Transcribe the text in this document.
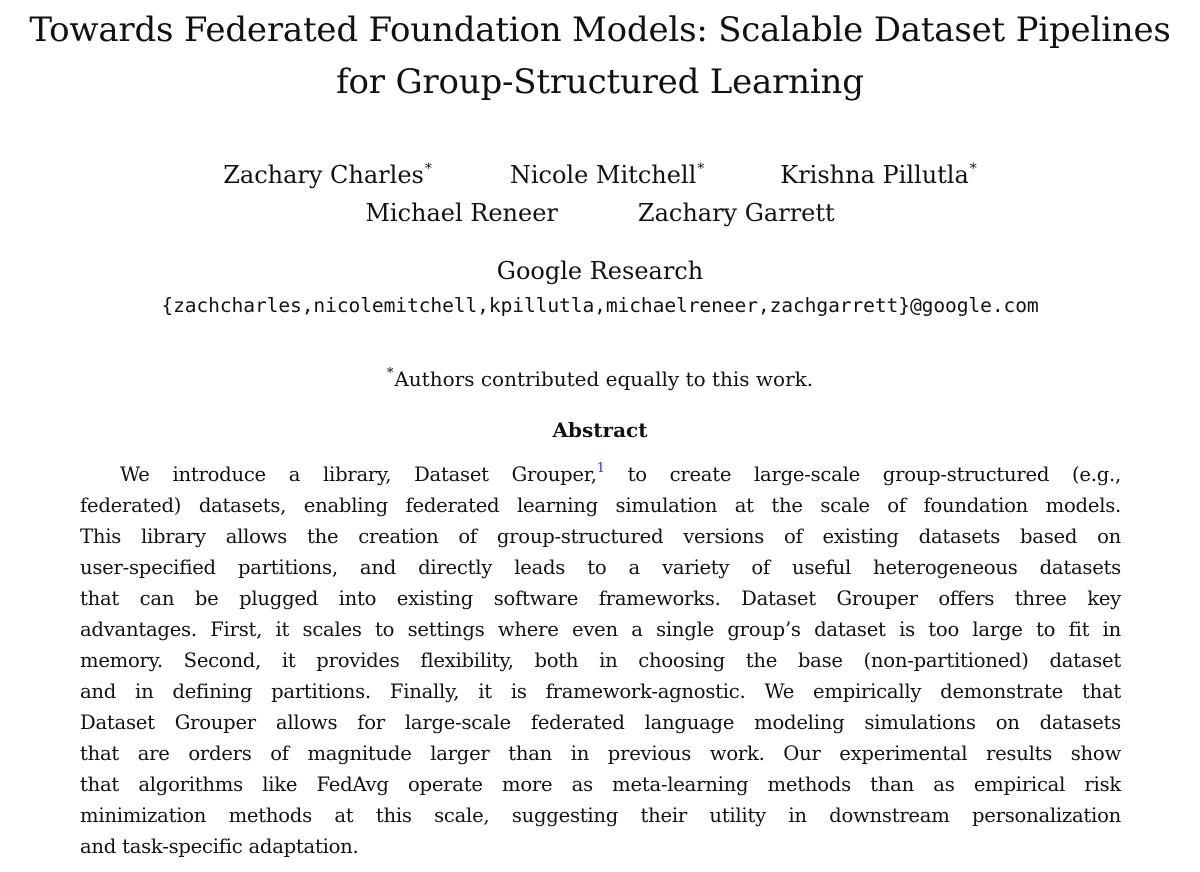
Towards Federated Foundation Models: Scalable Dataset Pipelines
for Group-Structured Learning
Zachary Charles*	Nicole Mitchell*	Krishna Pillutla*
Michael Reneer	Zachary Garrett
Google Research
{zachcharles,nicolemitchell,kpillutla,michaelreneer,zachgarrett}@google.com
*Authors contributed equally to this work.
Abstract
We introduce a library, Dataset Grouper,$^1$ to create large-scale group-structured (e.g.,
federated) datasets, enabling federated learning simulation at the scale of foundation models.
This library allows the creation of group-structured versions of existing datasets based on
user-specified partitions, and directly leads to a variety of useful heterogeneous datasets
that can be plugged into existing software frameworks. Dataset Grouper offers three key
advantages. First, it scales to settings where even a single group’s dataset is too large to fit in
memory. Second, it provides flexibility, both in choosing the base (non-partitioned) dataset
and in defining partitions. Finally, it is framework-agnostic. We empirically demonstrate that
Dataset Grouper allows for large-scale federated language modeling simulations on datasets
that are orders of magnitude larger than in previous work. Our experimental results show
that algorithms like FedAvg operate more as meta-learning methods than as empirical risk
minimization methods at this scale, suggesting their utility in downstream personalization
and task-specific adaptation.
